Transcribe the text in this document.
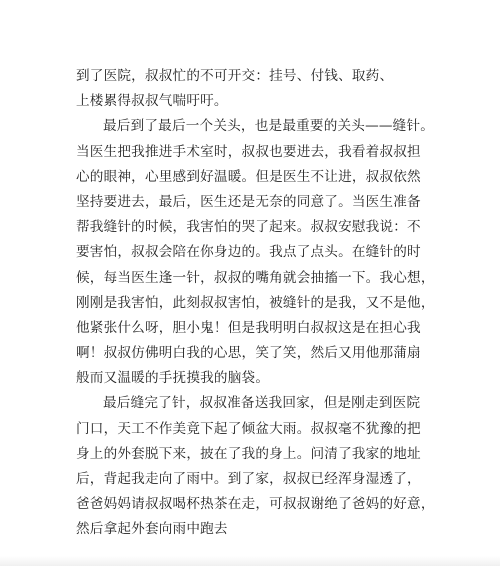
到了医院，叔叔忙的不可开交：挂号、付钱、取药、
上楼累得叔叔气喘吁吁。
最后到了最后一个关头，也是最重要的关头——缝针。
当医生把我推进手术室时，叔叔也要进去，我看着叔叔担
心的眼神，心里感到好温暖。但是医生不让进，叔叔依然
坚持要进去，最后，医生还是无奈的同意了。当医生准备
帮我缝针的时候，我害怕的哭了起来。叔叔安慰我说：不
要害怕，叔叔会陪在你身边的。我点了点头。在缝针的时
候，每当医生逢一针，叔叔的嘴角就会抽搐一下。我心想，
刚刚是我害怕，此刻叔叔害怕，被缝针的是我，又不是他，
他紧张什么呀，胆小鬼！但是我明明白叔叔这是在担心我
啊！叔叔仿佛明白我的心思，笑了笑，然后又用他那蒲扇
般而又温暖的手抚摸我的脑袋。
最后缝完了针，叔叔准备送我回家，但是刚走到医院
门口，天工不作美竟下起了倾盆大雨。叔叔毫不犹豫的把
身上的外套脱下来，披在了我的身上。问清了我家的地址
后，背起我走向了雨中。到了家，叔叔已经浑身湿透了，
爸爸妈妈请叔叔喝杯热茶在走，可叔叔谢绝了爸妈的好意，
然后拿起外套向雨中跑去
